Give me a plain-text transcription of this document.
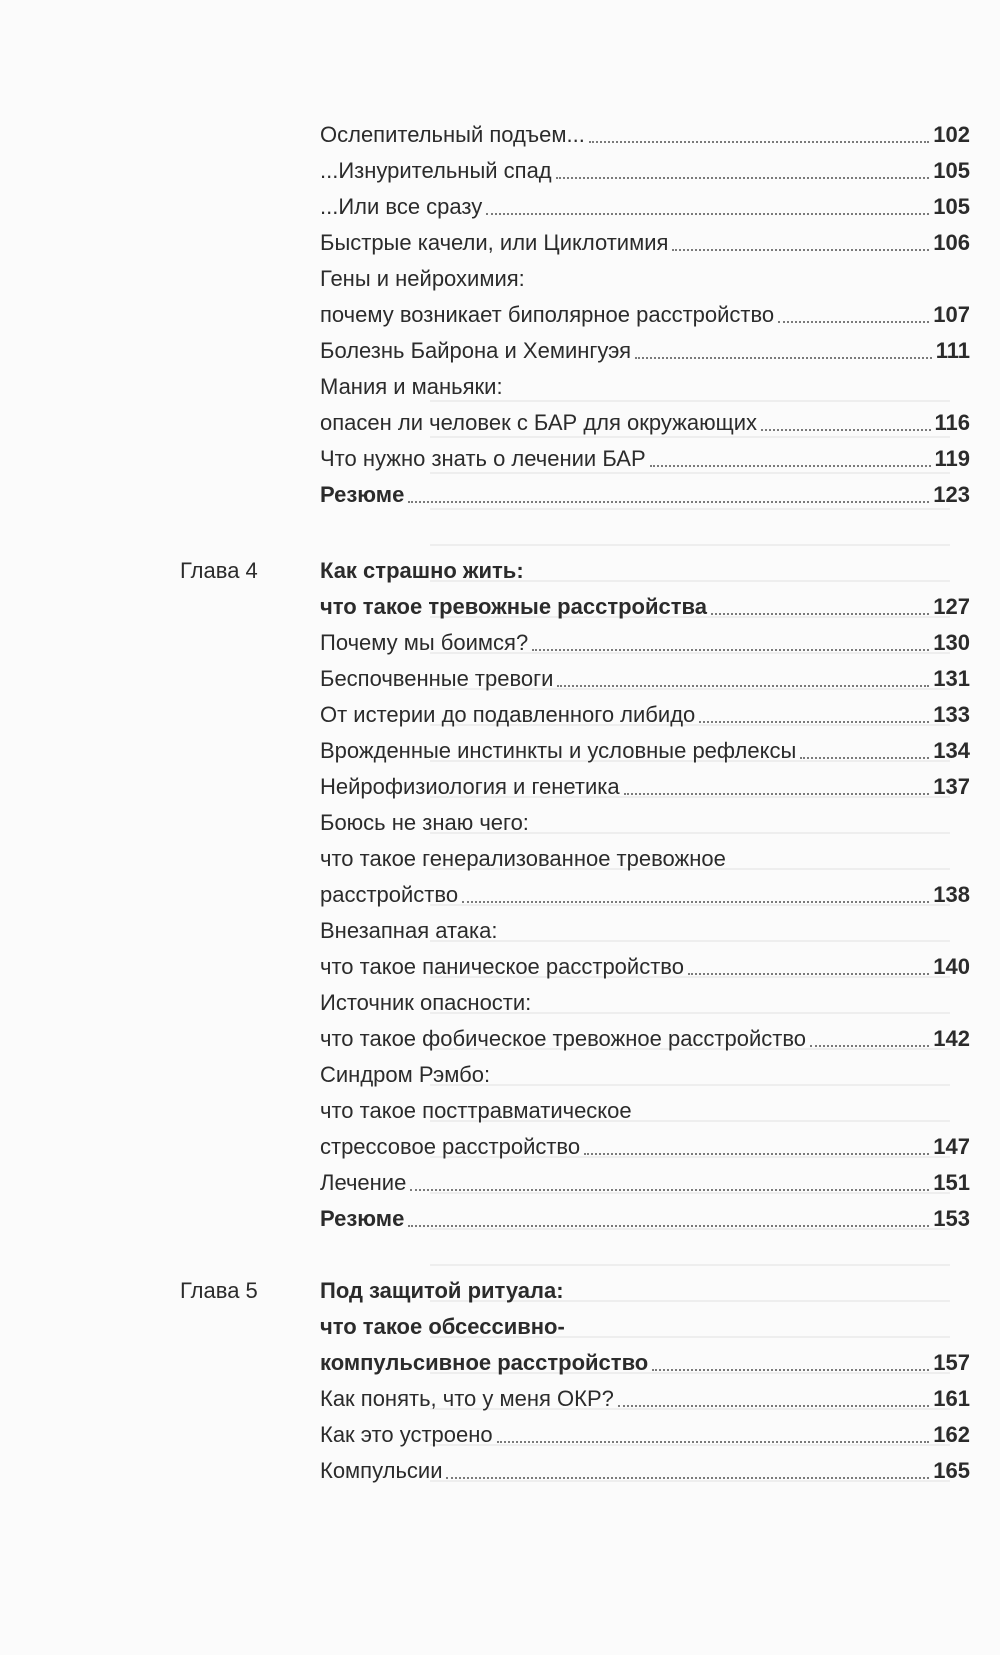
Ослепительный подъем...	102
...Изнурительный спад	105
...Или все сразу	105
Быстрые качели, или Циклотимия	106
Гены и нейрохимия:
почему возникает биполярное расстройство	107
Болезнь Байрона и Хемингуэя	111
Мания и маньяки:
опасен ли человек с БАР для окружающих	116
Что нужно знать о лечении БАР	119
Резюме	123
Глава 4	Как страшно жить:
что такое тревожные расстройства	127
Почему мы боимся?	130
Беспочвенные тревоги	131
От истерии до подавленного либидо	133
Врожденные инстинкты и условные рефлексы	134
Нейрофизиология и генетика	137
Боюсь не знаю чего:
что такое генерализованное тревожное
расстройство	138
Внезапная атака:
что такое паническое расстройство	140
Источник опасности:
что такое фобическое тревожное расстройство	142
Синдром Рэмбо:
что такое посттравматическое
стрессовое расстройство	147
Лечение	151
Резюме	153
Глава 5	Под защитой ритуала:
что такое обсессивно-
компульсивное расстройство	157
Как понять, что у меня ОКР?	161
Как это устроено	162
Компульсии	165
